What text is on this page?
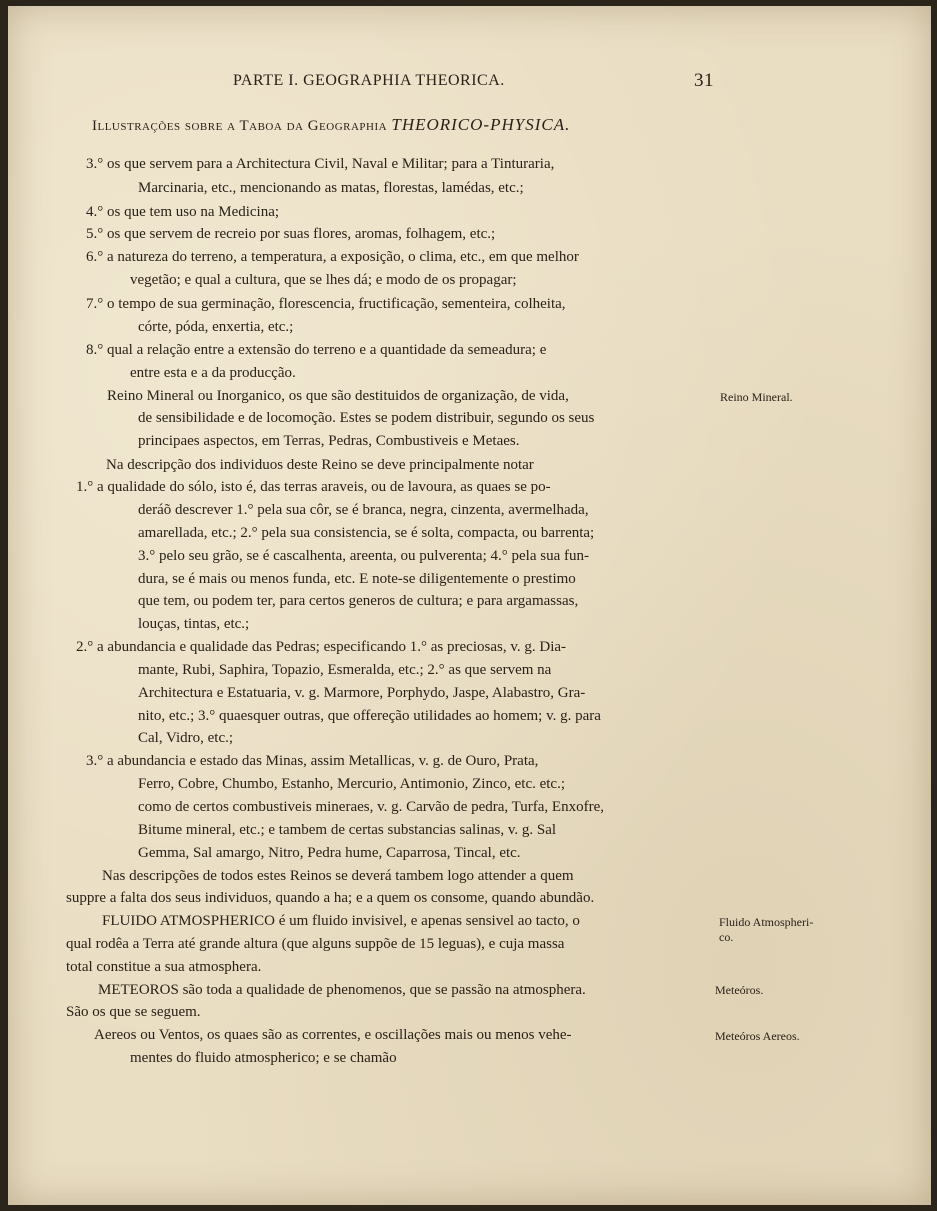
PARTE I. GEOGRAPHIA THEORICA.	31
Illustrações sobre a Taboa da Geographia THEORICO-PHYSICA.
3.° os que servem para a Architectura Civil, Naval e Militar; para a Tinturaria,
Marcinaria, etc., mencionando as matas, florestas, lamédas, etc.;
4.° os que tem uso na Medicina;
5.° os que servem de recreio por suas flores, aromas, folhagem, etc.;
6.° a natureza do terreno, a temperatura, a exposição, o clima, etc., em que melhor
vegetão; e qual a cultura, que se lhes dá; e modo de os propagar;
7.° o tempo de sua germinação, florescencia, fructificação, sementeira, colheita,
córte, póda, enxertia, etc.;
8.° qual a relação entre a extensão do terreno e a quantidade da semeadura; e
entre esta e a da producção.
Reino Mineral ou Inorganico, os que são destituidos de organização, de vida,
de sensibilidade e de locomoção. Estes se podem distribuir, segundo os seus
principaes aspectos, em Terras, Pedras, Combustiveis e Metaes.
Na descripção dos individuos deste Reino se deve principalmente notar
1.° a qualidade do sólo, isto é, das terras araveis, ou de lavoura, as quaes se po-
deráõ descrever 1.° pela sua côr, se é branca, negra, cinzenta, avermelhada,
amarellada, etc.; 2.° pela sua consistencia, se é solta, compacta, ou barrenta;
3.° pelo seu grão, se é cascalhenta, areenta, ou pulverenta; 4.° pela sua fun-
dura, se é mais ou menos funda, etc. E note-se diligentemente o prestimo
que tem, ou podem ter, para certos generos de cultura; e para argamassas,
louças, tintas, etc.;
2.° a abundancia e qualidade das Pedras; especificando 1.° as preciosas, v. g. Dia-
mante, Rubi, Saphira, Topazio, Esmeralda, etc.; 2.° as que servem na
Architectura e Estatuaria, v. g. Marmore, Porphydo, Jaspe, Alabastro, Gra-
nito, etc.; 3.° quaesquer outras, que offereção utilidades ao homem; v. g. para
Cal, Vidro, etc.;
3.° a abundancia e estado das Minas, assim Metallicas, v. g. de Ouro, Prata,
Ferro, Cobre, Chumbo, Estanho, Mercurio, Antimonio, Zinco, etc. etc.;
como de certos combustiveis mineraes, v. g. Carvão de pedra, Turfa, Enxofre,
Bitume mineral, etc.; e tambem de certas substancias salinas, v. g. Sal
Gemma, Sal amargo, Nitro, Pedra hume, Caparrosa, Tincal, etc.
Nas descripções de todos estes Reinos se deverá tambem logo attender a quem
suppre a falta dos seus individuos, quando a ha; e a quem os consome, quando abundão.
FLUIDO ATMOSPHERICO é um fluido invisivel, e apenas sensivel ao tacto, o
qual rodêa a Terra até grande altura (que alguns suppõe de 15 leguas), e cuja massa
total constitue a sua atmosphera.
METEOROS são toda a qualidade de phenomenos, que se passão na atmosphera.
São os que se seguem.
Aereos ou Ventos, os quaes são as correntes, e oscillações mais ou menos vehe-
mentes do fluido atmospherico; e se chamão
Reino Mineral.
Fluido Atmospheri-
co.
Meteóros.
Meteóros Aereos.
